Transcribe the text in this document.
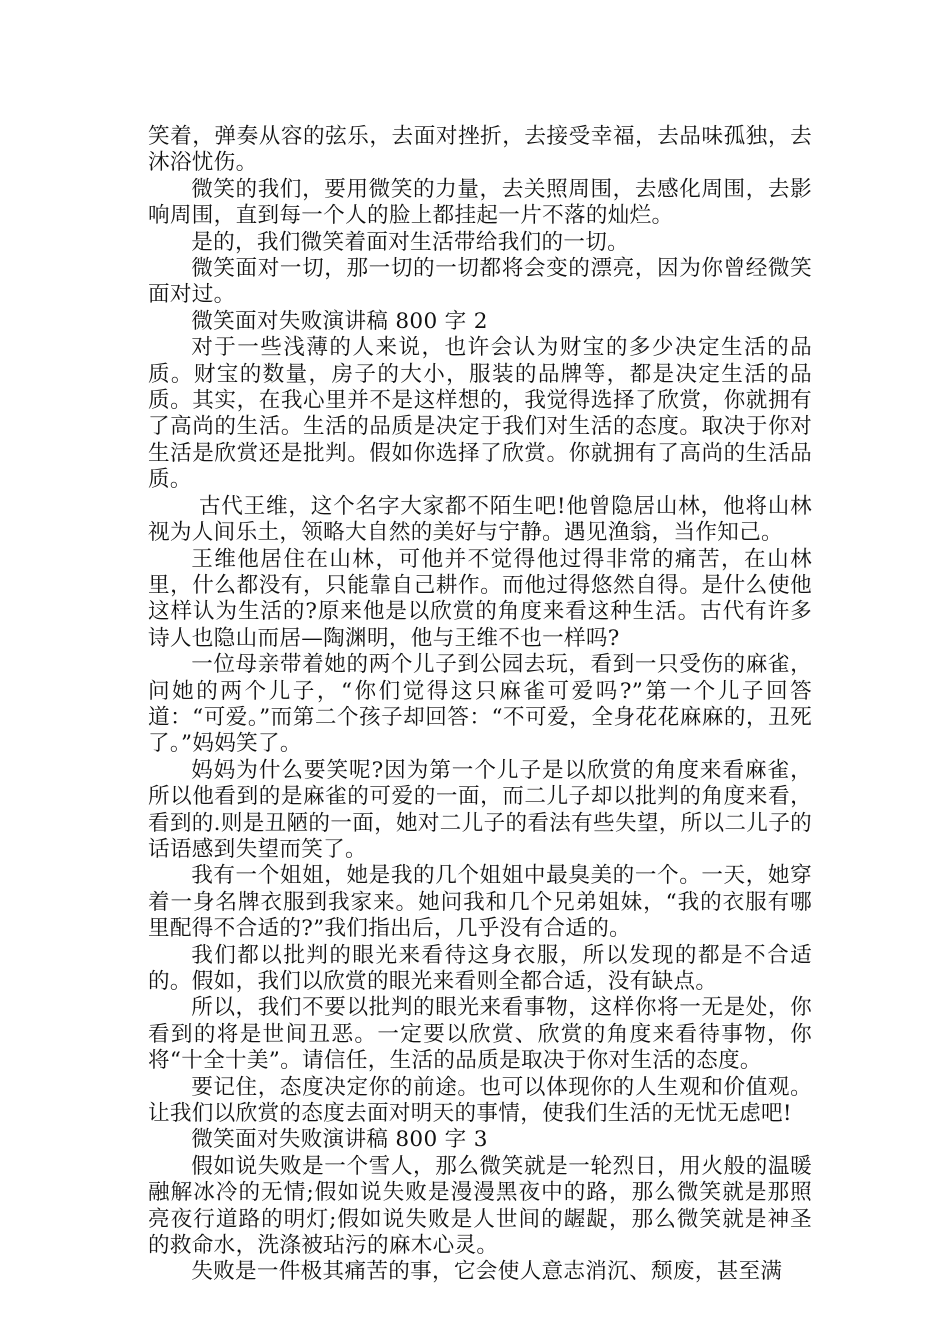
笑着，弹奏从容的弦乐，去面对挫折，去接受幸福，去品味孤独，去沐浴忧伤。

微笑的我们，要用微笑的力量，去关照周围，去感化周围，去影响周围，直到每一个人的脸上都挂起一片不落的灿烂。

是的，我们微笑着面对生活带给我们的一切。

微笑面对一切，那一切的一切都将会变的漂亮，因为你曾经微笑面对过。

微笑面对失败演讲稿 800 字 2

对于一些浅薄的人来说，也许会认为财宝的多少决定生活的品质。财宝的数量，房子的大小，服装的品牌等，都是决定生活的品质。其实，在我心里并不是这样想的，我觉得选择了欣赏，你就拥有了高尚的生活。生活的品质是决定于我们对生活的态度。取决于你对生活是欣赏还是批判。假如你选择了欣赏。你就拥有了高尚的生活品质。

古代王维，这个名字大家都不陌生吧!他曾隐居山林，他将山林视为人间乐土，领略大自然的美好与宁静。遇见渔翁，当作知己。

王维他居住在山林，可他并不觉得他过得非常的痛苦，在山林里，什么都没有，只能靠自己耕作。而他过得悠然自得。是什么使他这样认为生活的?原来他是以欣赏的角度来看这种生活。古代有许多诗人也隐山而居—陶渊明，他与王维不也一样吗?

一位母亲带着她的两个儿子到公园去玩，看到一只受伤的麻雀，问她的两个儿子，“你们觉得这只麻雀可爱吗?”第一个儿子回答道：“可爱。”而第二个孩子却回答：“不可爱，全身花花麻麻的，丑死了。”妈妈笑了。

妈妈为什么要笑呢?因为第一个儿子是以欣赏的角度来看麻雀，所以他看到的是麻雀的可爱的一面，而二儿子却以批判的角度来看，看到的.则是丑陋的一面，她对二儿子的看法有些失望，所以二儿子的话语感到失望而笑了。

我有一个姐姐，她是我的几个姐姐中最臭美的一个。一天，她穿着一身名牌衣服到我家来。她问我和几个兄弟姐妹，“我的衣服有哪里配得不合适的?”我们指出后，几乎没有合适的。

我们都以批判的眼光来看待这身衣服，所以发现的都是不合适的。假如，我们以欣赏的眼光来看则全都合适，没有缺点。

所以，我们不要以批判的眼光来看事物，这样你将一无是处，你看到的将是世间丑恶。一定要以欣赏、欣赏的角度来看待事物，你将“十全十美”。请信任，生活的品质是取决于你对生活的态度。

要记住，态度决定你的前途。也可以体现你的人生观和价值观。让我们以欣赏的态度去面对明天的事情，使我们生活的无忧无虑吧!

微笑面对失败演讲稿 800 字 3

假如说失败是一个雪人，那么微笑就是一轮烈日，用火般的温暖融解冰冷的无情;假如说失败是漫漫黑夜中的路，那么微笑就是那照亮夜行道路的明灯;假如说失败是人世间的龌龊，那么微笑就是神圣的救命水，洗涤被玷污的麻木心灵。

失败是一件极其痛苦的事，它会使人意志消沉、颓废，甚至满
